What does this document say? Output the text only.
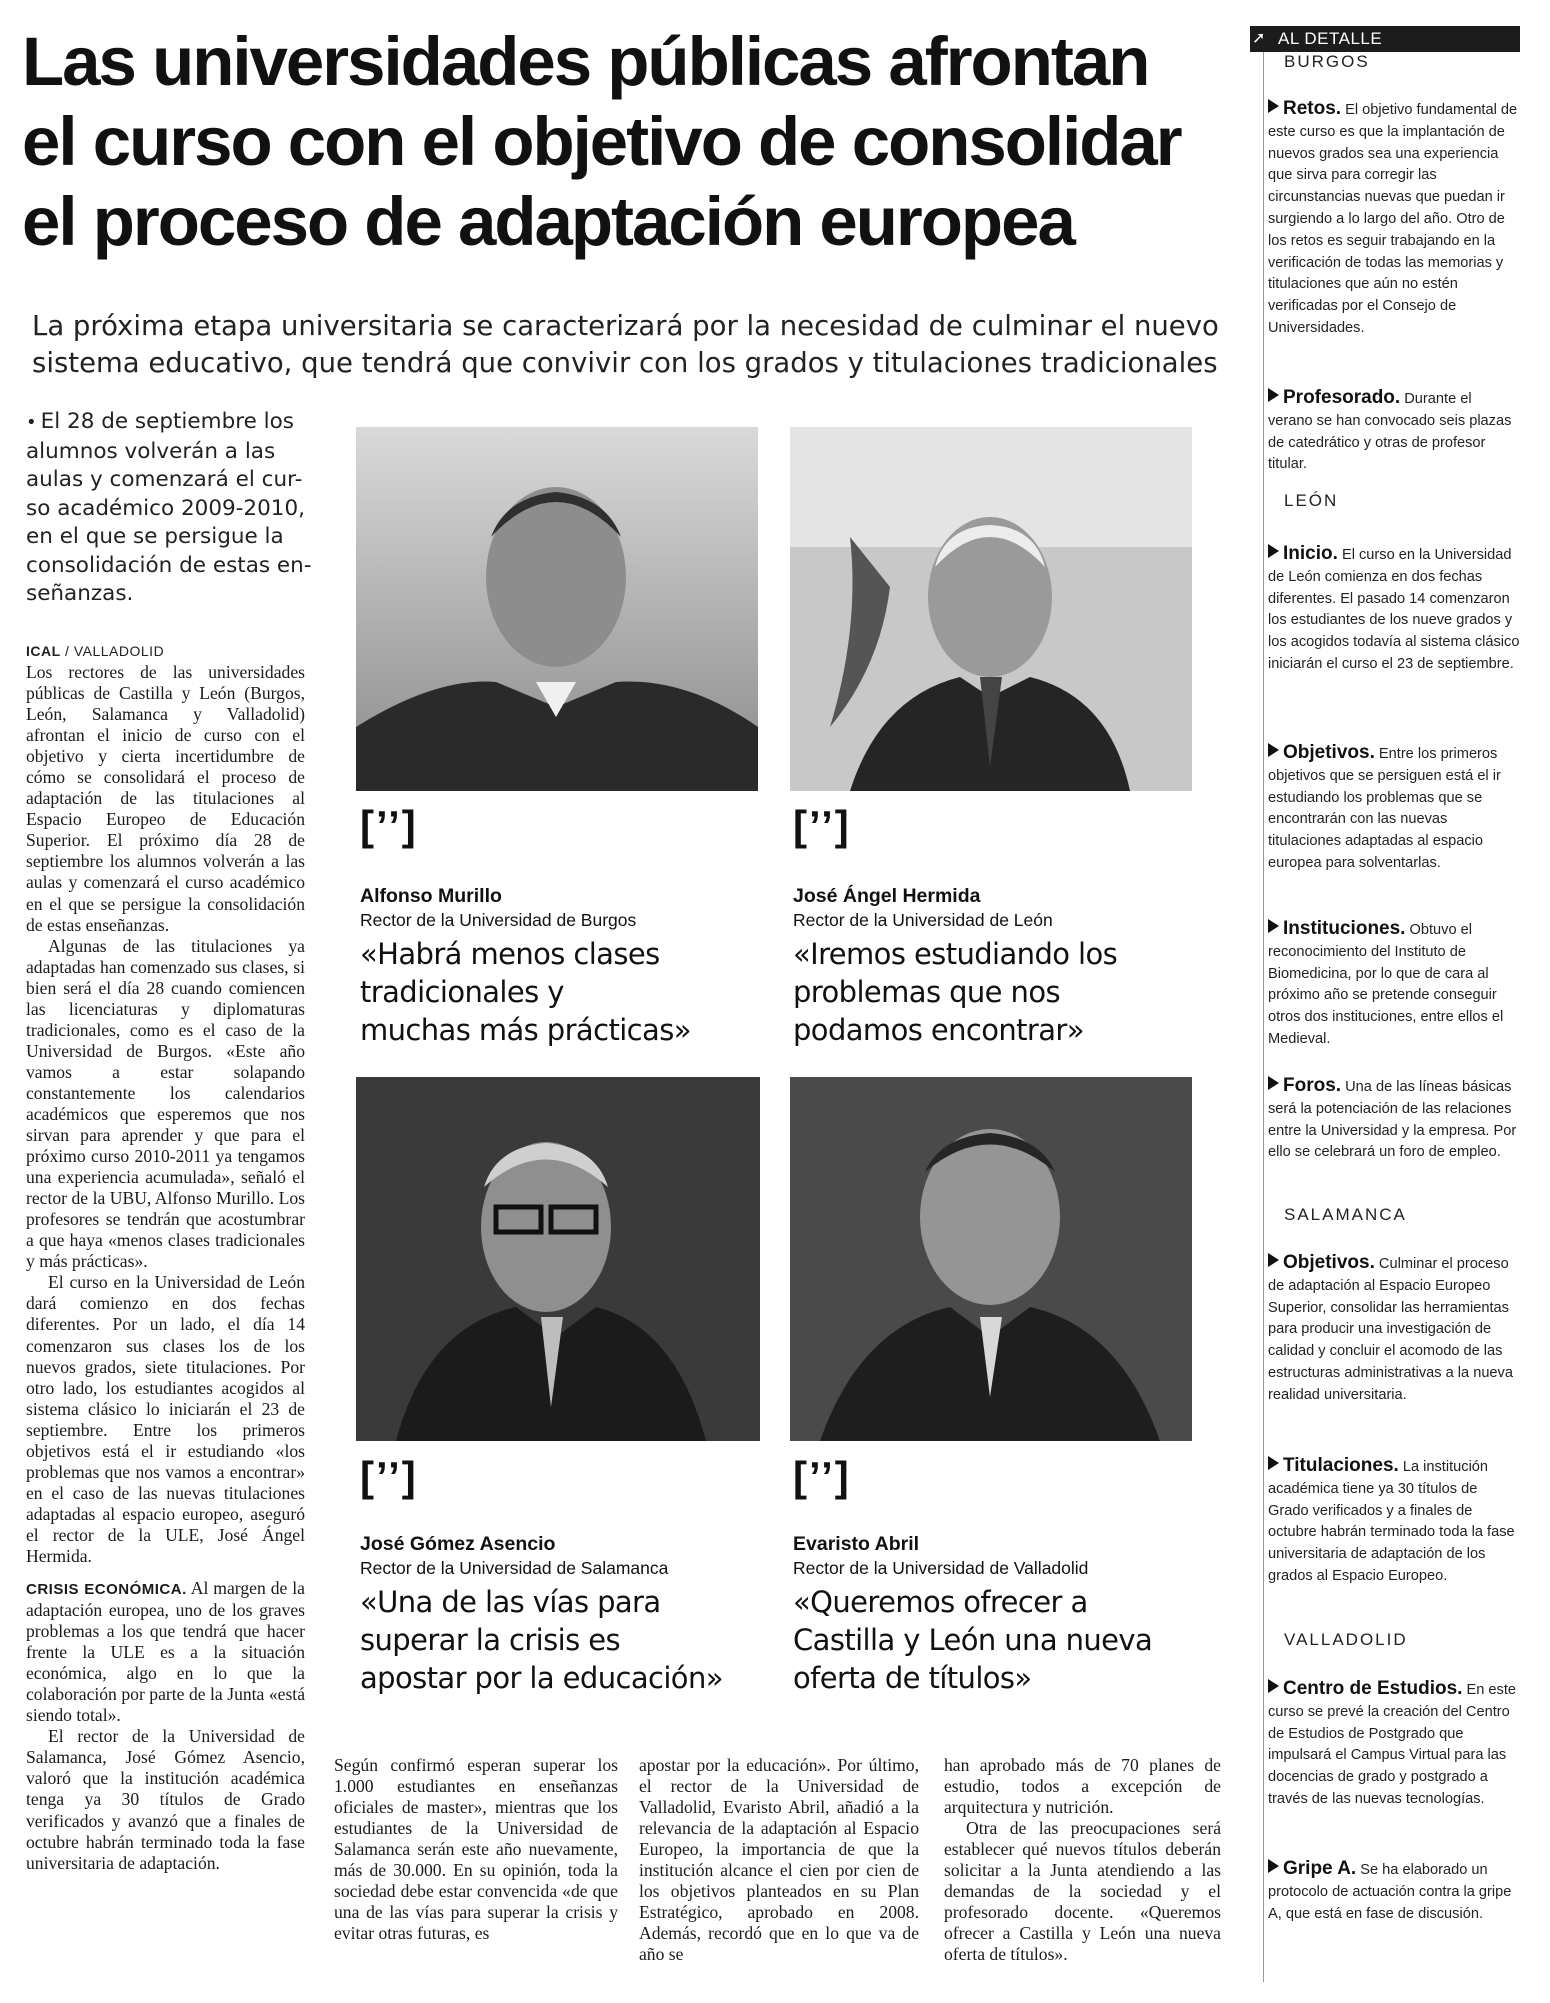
Las universidades públicas afrontan
el curso con el objetivo de consolidar
el proceso de adaptación europea
La próxima etapa universitaria se caracterizará por la necesidad de culminar el nuevo
sistema educativo, que tendrá que convivir con los grados y titulaciones tradicionales
• El 28 de septiembre los
alumnos volverán a las
aulas y comenzará el cur-
so académico 2009-2010,
en el que se persigue la
consolidación de estas en-
señanzas.
ICAL / VALLADOLID

Los rectores de las universidades públicas de Castilla y León (Burgos, León, Salamanca y Valladolid) afrontan el inicio de curso con el objetivo y cierta incertidumbre de cómo se consolidará el proceso de adaptación de las titulaciones al Espacio Europeo de Educación Superior. El próximo día 28 de septiembre los alumnos volverán a las aulas y comenzará el curso académico en el que se persigue la consolidación de estas enseñanzas.

Algunas de las titulaciones ya adaptadas han comenzado sus clases, si bien será el día 28 cuando comiencen las licenciaturas y diplomaturas tradicionales, como es el caso de la Universidad de Burgos. «Este año vamos a estar solapando constantemente los calendarios académicos que esperemos que nos sirvan para aprender y que para el próximo curso 2010-2011 ya tengamos una experiencia acumulada», señaló el rector de la UBU, Alfonso Murillo. Los profesores se tendrán que acostumbrar a que haya «menos clases tradicionales y más prácticas».

El curso en la Universidad de León dará comienzo en dos fechas diferentes. Por un lado, el día 14 comenzaron sus clases los de los nuevos grados, siete titulaciones. Por otro lado, los estudiantes acogidos al sistema clásico lo iniciarán el 23 de septiembre. Entre los primeros objetivos está el ir estudiando «los problemas que nos vamos a encontrar» en el caso de las nuevas titulaciones adaptadas al espacio europeo, aseguró el rector de la ULE, José Ángel Hermida.

CRISIS ECONÓMICA. Al margen de la adaptación europea, uno de los graves problemas a los que tendrá que hacer frente la ULE es a la situación económica, algo en lo que la colaboración por parte de la Junta «está siendo total».

El rector de la Universidad de Salamanca, José Gómez Asencio, valoró que la institución académica tenga ya 30 títulos de Grado verificados y avanzó que a finales de octubre habrán terminado toda la fase universitaria de adaptación.

Según confirmó esperan superar los 1.000 estudiantes en enseñanzas oficiales de master», mientras que los estudiantes de la Universidad de Salamanca serán este año nuevamente, más de 30.000. En su opinión, toda la sociedad debe estar convencida «de que una de las vías para superar la crisis y evitar otras futuras, es

apostar por la educación». Por último, el rector de la Universidad de Valladolid, Evaristo Abril, añadió a la relevancia de la adaptación al Espacio Europeo, la importancia de que la institución alcance el cien por cien de los objetivos planteados en su Plan Estratégico, aprobado en 2008. Además, recordó que en lo que va de año se

han aprobado más de 70 planes de estudio, todos a excepción de arquitectura y nutrición.

Otra de las preocupaciones será establecer qué nuevos títulos deberán solicitar a la Junta atendiendo a las demandas de la sociedad y el profesorado docente. «Queremos ofrecer a Castilla y León una nueva oferta de títulos».

[’’]
Alfonso Murillo
Rector de la Universidad de Burgos
«Habrá menos clases
tradicionales y
muchas más prácticas»
[’’]
José Ángel Hermida
Rector de la Universidad de León
«Iremos estudiando los
problemas que nos
podamos encontrar»
[’’]
José Gómez Asencio
Rector de la Universidad de Salamanca
«Una de las vías para
superar la crisis es
apostar por la educación»
[’’]
Evaristo Abril
Rector de la Universidad de Valladolid
«Queremos ofrecer a
Castilla y León una nueva
oferta de títulos»
AL DETALLE
➚
BURGOS
Retos. El objetivo fundamental de este curso es que la implantación de nuevos grados sea una experiencia que sirva para corregir las circunstancias nuevas que puedan ir surgiendo a lo largo del año. Otro de los retos es seguir trabajando en la verificación de todas las memorias y titulaciones que aún no estén verificadas por el Consejo de Universidades.
Profesorado. Durante el verano se han convocado seis plazas de catedrático y otras de profesor titular.
LEÓN
Inicio. El curso en la Universidad de León comienza en dos fechas diferentes. El pasado 14 comenzaron los estudiantes de los nueve grados y los acogidos todavía al sistema clásico iniciarán el curso el 23 de septiembre.
Objetivos. Entre los primeros objetivos que se persiguen está el ir estudiando los problemas que se encontrarán con las nuevas titulaciones adaptadas al espacio europea para solventarlas.
Instituciones. Obtuvo el reconocimiento del Instituto de Biomedicina, por lo que de cara al próximo año se pretende conseguir otros dos instituciones, entre ellos el Medieval.
Foros. Una de las líneas básicas será la potenciación de las relaciones entre la Universidad y la empresa. Por ello se celebrará un foro de empleo.
SALAMANCA
Objetivos. Culminar el proceso de adaptación al Espacio Europeo Superior, consolidar las herramientas para producir una investigación de calidad y concluir el acomodo de las estructuras administrativas a la nueva realidad universitaria.
Titulaciones. La institución académica tiene ya 30 títulos de Grado verificados y a finales de octubre habrán terminado toda la fase universitaria de adaptación de los grados al Espacio Europeo.
VALLADOLID
Centro de Estudios. En este curso se prevé la creación del Centro de Estudios de Postgrado que impulsará el Campus Virtual para las docencias de grado y postgrado a través de las nuevas tecnologías.
Gripe A. Se ha elaborado un protocolo de actuación contra la gripe A, que está en fase de discusión.
